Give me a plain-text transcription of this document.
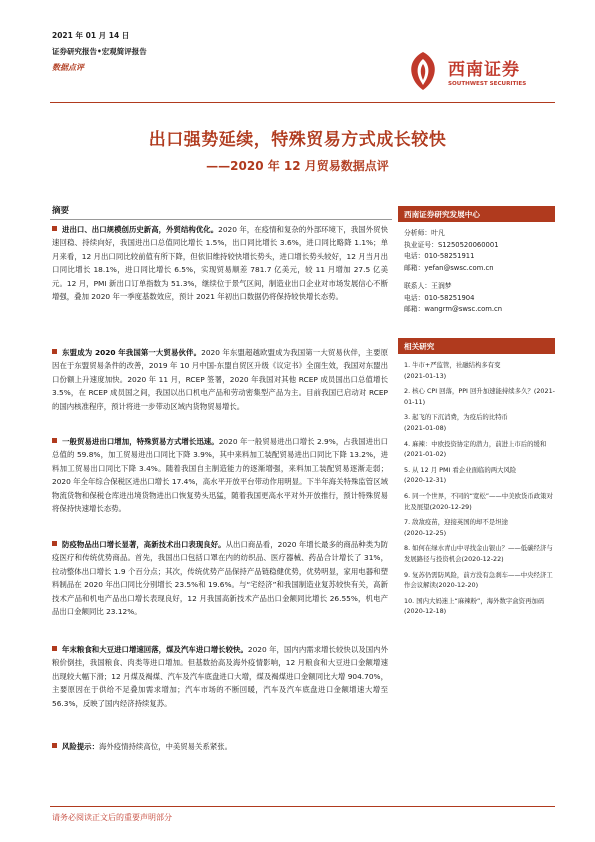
2021 年 01 月 14 日
证券研究报告•宏观简评报告
数据点评	西南证券
SOUTHWEST SECURITIES
出口强势延续，特殊贸易方式成长较快
——2020 年 12 月贸易数据点评
摘要
进出口、出口规模创历史新高，外贸结构优化。2020 年，在疫情和复杂的外部环境下，我国外贸快速回稳、持续向好，我国进出口总值同比增长 1.5%，出口同比增长 3.6%，进口同比略降 1.1%；单月来看，12 月出口同比较前值有所下降，但依旧维持较快增长势头，进口增长势头较好，12 月当月出口同比增长 18.1%，进口同比增长 6.5%，实现贸易顺差 781.7 亿美元，较 11 月增加 27.5 亿美元。12 月，PMI 新出口订单指数为 51.3%，继续位于景气区间，制造业出口企业对市场发展信心不断增强，叠加 2020 年一季度基数效应，预计 2021 年初出口数据仍将保持较快增长态势。
东盟成为 2020 年我国第一大贸易伙伴。2020 年东盟超越欧盟成为我国第一大贸易伙伴，主要原因在于东盟贸易条件的改善，2019 年 10 月中国-东盟自贸区升级《议定书》全面生效，我国对东盟出口份额上升速度加快。2020 年 11 月，RCEP 签署，2020 年我国对其他 RCEP 成员国出口总值增长 3.5%，在 RCEP 成员国之间，我国以出口机电产品和劳动密集型产品为主。目前我国已启动对 RCEP 的国内核准程序，预计将进一步带动区域内货物贸易增长。
一般贸易进出口增加，特殊贸易方式增长迅速。2020 年一般贸易进出口增长 2.9%，占我国进出口总值的 59.8%，加工贸易进出口同比下降 3.9%，其中来料加工装配贸易进出口同比下降 13.2%，进料加工贸易出口同比下降 3.4%。随着我国自主制造能力的逐渐增强，来料加工装配贸易逐渐走弱；2020 年全年综合保税区进出口增长 17.4%，高水平开放平台带动作用明显。下半年海关特殊监管区域物流货物和保税仓库进出境货物进出口恢复势头迅猛，随着我国更高水平对外开放推行，预计特殊贸易将保持快速增长态势。
防疫物品出口增长显著，高新技术出口表现良好。从出口商品看，2020 年增长最多的商品种类为防疫医疗和传统优势商品。首先，我国出口包括口罩在内的纺织品、医疗器械、药品合计增长了 31%，拉动整体出口增长 1.9 个百分点；其次，传统优势产品保持产品链稳健优势，优势明显，家用电器和塑料制品在 2020 年出口同比分别增长 23.5%和 19.6%。与“宅经济”和我国制造业复苏较快有关，高新技术产品和机电产品出口增长表现良好，12 月我国高新技术产品出口金额同比增长 26.55%，机电产品出口金额同比 23.12%。
年末粮食和大豆进口增速回落，煤及汽车进口增长较快。2020 年，国内内需求增长较快以及国内外粮价倒挂，我国粮食、肉类等进口增加。但基数抬高及海外疫情影响，12 月粮食和大豆进口金额增速出现较大幅下滑；12 月煤及褐煤、汽车及汽车底盘进口大增，煤及褐煤进口金额同比大增 904.70%，主要原因在于供给不足叠加需求增加；汽车市场的不断回暖，汽车及汽车底盘进口金额增速大增至 56.3%，反映了国内经济持续复苏。
风险提示：海外疫情持续高位，中美贸易关系紧张。
西南证券研究发展中心
分析师：叶凡
执业证号：S1250520060001
电话：010-58251911
邮箱：yefan@swsc.com.cn
联系人：王润梦
电话：010-58251904
邮箱：wangrm@swsc.com.cn
相关研究
1. 牛市+严监管，社融结构多有变
(2021-01-13)
2. 核心 CPI 回落，PPI 回升加速能持续多久？(2021-01-11)
3. 起飞的下沉消费，为疫后的比特币
(2021-01-08)
4. 麻辣：中欧投资协定的潜力，前进上市后的缓和(2021-01-02)
5. 从 12 月 PMI 看企业面临的两大风险
(2020-12-31)
6. 同一个世界，不同的“宽松”——中美欧货币政策对比及展望(2020-12-29)
7. 敌敌疫苗，迎接英国的却不是坦途
(2020-12-25)
8. 如何在绿水青山中寻找金山银山？——低碳经济与发展路径与投资机会(2020-12-22)
9. 复苏仍需防风险，前方没有急刹车——中央经济工作会议解读(2020-12-20)
10. 国内大妈迷上“麻辣粉”，海外数字盒资再加码(2020-12-18)
请务必阅读正文后的重要声明部分
